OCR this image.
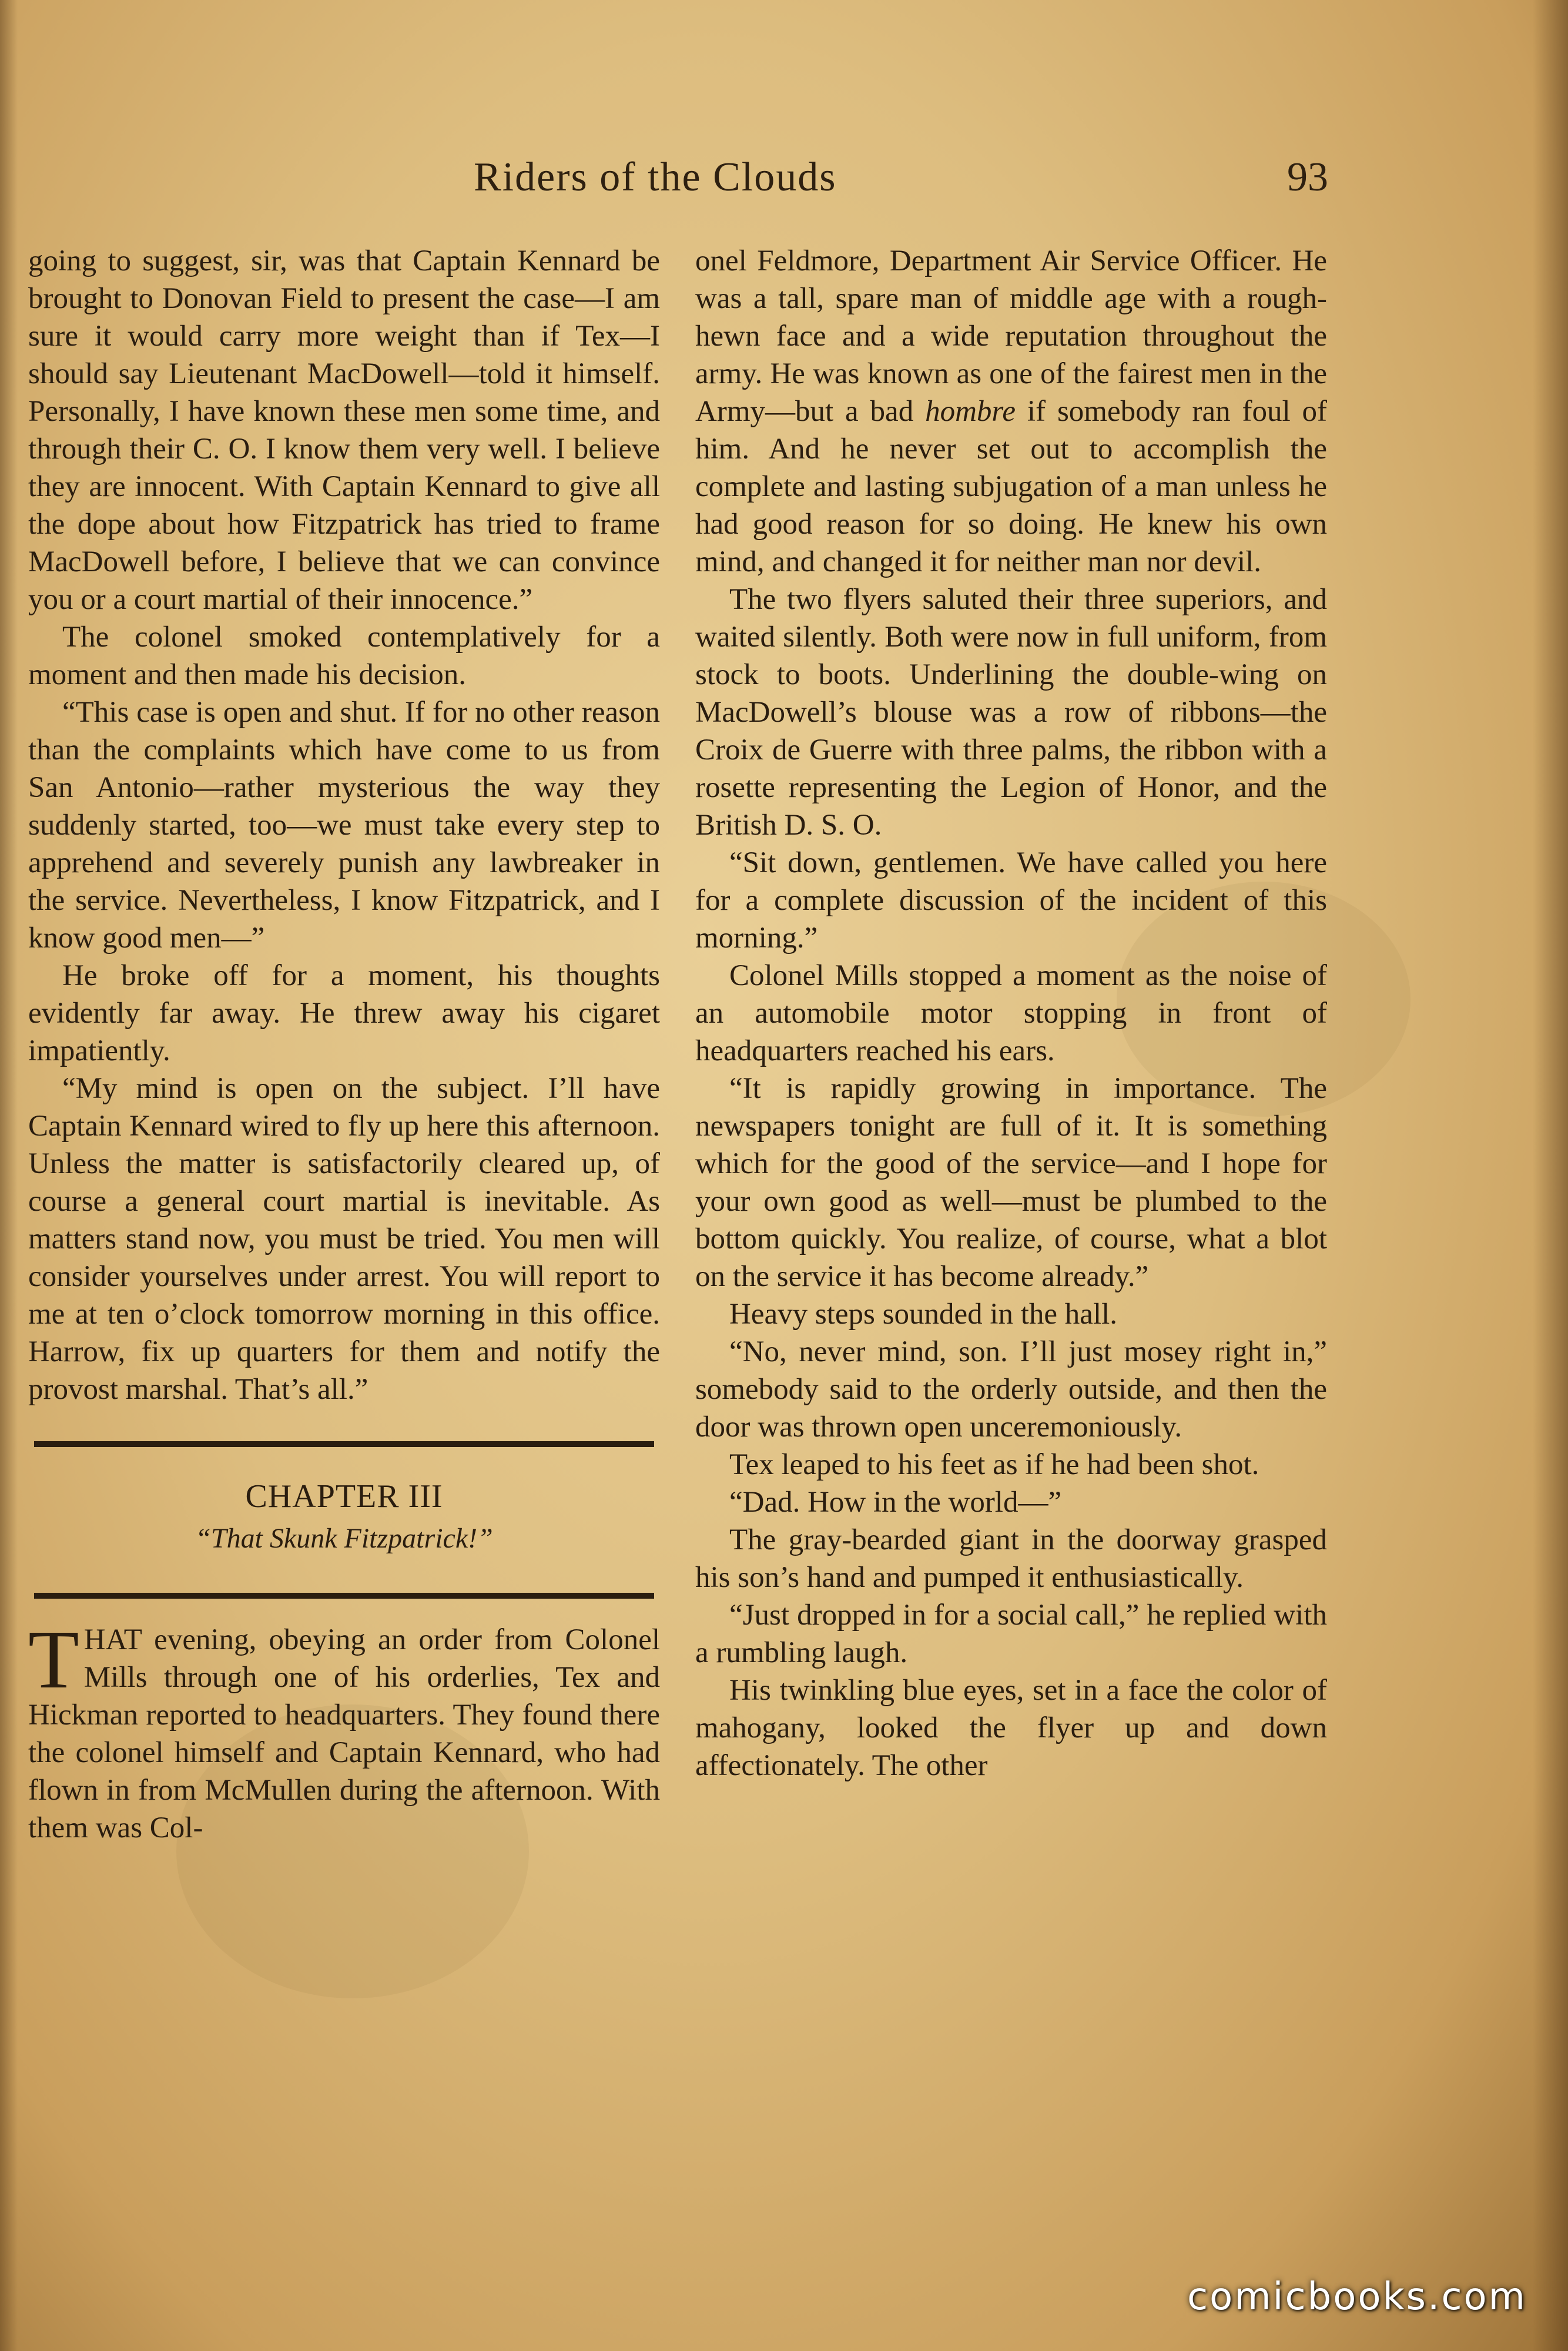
Riders of the Clouds	93

going to suggest, sir, was that Captain Kennard be brought to Donovan Field to present the case—I am sure it would carry more weight than if Tex—I should say Lieutenant MacDowell—told it himself. Personally, I have known these men some time, and through their C. O. I know them very well. I believe they are innocent. With Captain Kennard to give all the dope about how Fitzpatrick has tried to frame MacDowell before, I believe that we can convince you or a court martial of their innocence.”

The colonel smoked contemplatively for a moment and then made his decision.

“This case is open and shut. If for no other reason than the complaints which have come to us from San Antonio—rather mysterious the way they suddenly started, too—we must take every step to apprehend and severely punish any lawbreaker in the service. Nevertheless, I know Fitzpatrick, and I know good men—”

He broke off for a moment, his thoughts evidently far away. He threw away his cigaret impatiently.

“My mind is open on the subject. I’ll have Captain Kennard wired to fly up here this afternoon. Unless the matter is satisfactorily cleared up, of course a general court martial is inevitable. As matters stand now, you must be tried. You men will consider yourselves under arrest. You will report to me at ten o’clock tomorrow morning in this office. Harrow, fix up quarters for them and notify the provost marshal. That’s all.”

CHAPTER III
“That Skunk Fitzpatrick!”

THAT evening, obeying an order from Colonel Mills through one of his orderlies, Tex and Hickman reported to headquarters. They found there the colonel himself and Captain Kennard, who had flown in from McMullen during the afternoon. With them was Col-

onel Feldmore, Department Air Service Officer. He was a tall, spare man of middle age with a rough-hewn face and a wide reputation throughout the army. He was known as one of the fairest men in the Army—but a bad hombre if somebody ran foul of him. And he never set out to accomplish the complete and lasting subjugation of a man unless he had good reason for so doing. He knew his own mind, and changed it for neither man nor devil.

The two flyers saluted their three superiors, and waited silently. Both were now in full uniform, from stock to boots. Underlining the double-wing on MacDowell’s blouse was a row of ribbons—the Croix de Guerre with three palms, the ribbon with a rosette representing the Legion of Honor, and the British D. S. O.

“Sit down, gentlemen. We have called you here for a complete discussion of the incident of this morning.”

Colonel Mills stopped a moment as the noise of an automobile motor stopping in front of headquarters reached his ears.

“It is rapidly growing in importance. The newspapers tonight are full of it. It is something which for the good of the service—and I hope for your own good as well—must be plumbed to the bottom quickly. You realize, of course, what a blot on the service it has become already.”

Heavy steps sounded in the hall.

“No, never mind, son. I’ll just mosey right in,” somebody said to the orderly outside, and then the door was thrown open unceremoniously.

Tex leaped to his feet as if he had been shot.

“Dad. How in the world—”

The gray-bearded giant in the doorway grasped his son’s hand and pumped it enthusiastically.

“Just dropped in for a social call,” he replied with a rumbling laugh.

His twinkling blue eyes, set in a face the color of mahogany, looked the flyer up and down affectionately. The other

comicbooks.com
